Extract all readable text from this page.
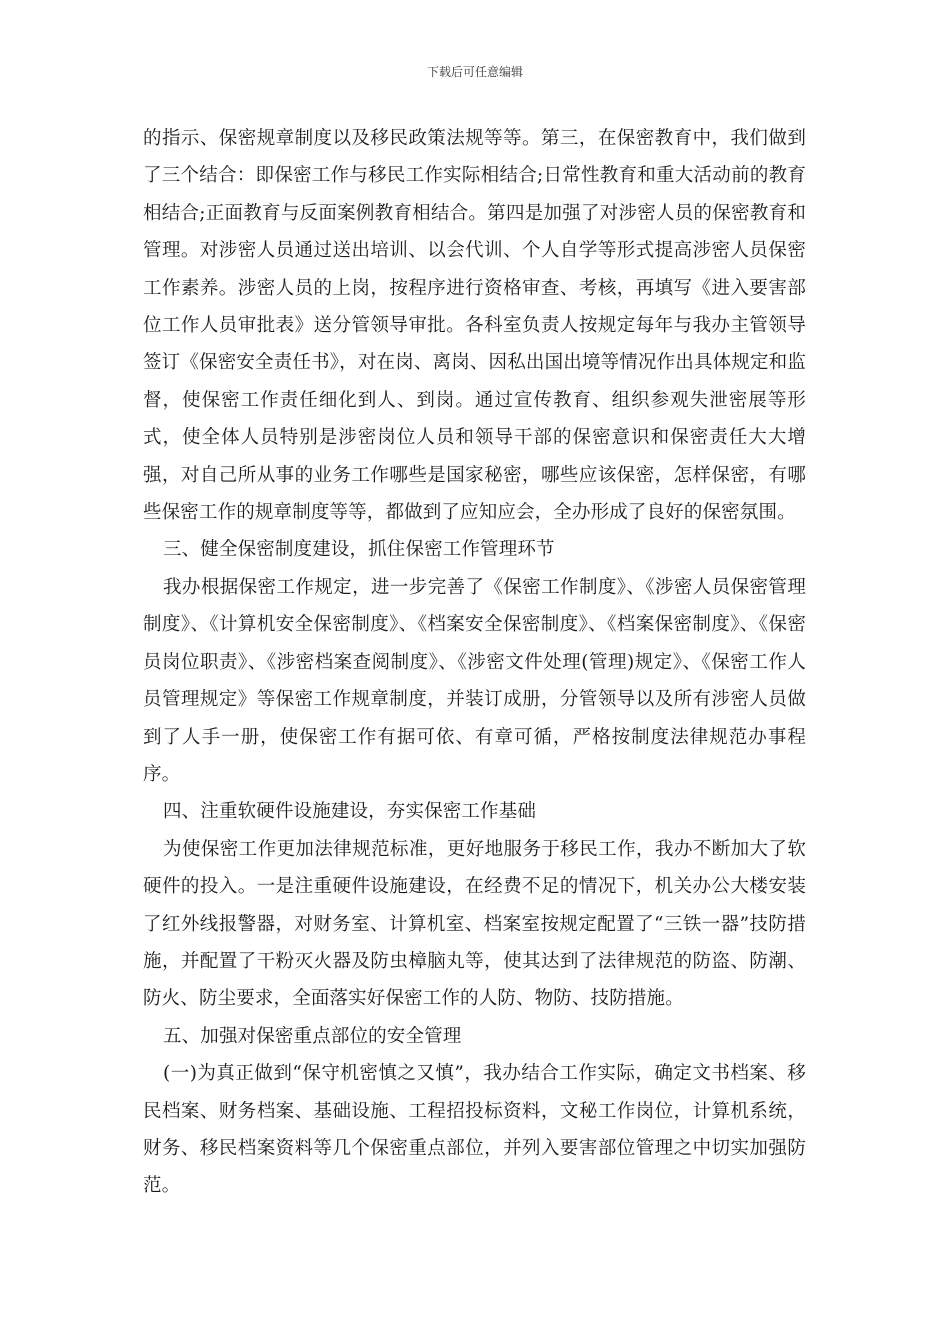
下载后可任意编辑

的指示、保密规章制度以及移民政策法规等等。第三，在保密教育中，我们做到了三个结合：即保密工作与移民工作实际相结合;日常性教育和重大活动前的教育相结合;正面教育与反面案例教育相结合。第四是加强了对涉密人员的保密教育和管理。对涉密人员通过送出培训、以会代训、个人自学等形式提高涉密人员保密工作素养。涉密人员的上岗，按程序进行资格审查、考核，再填写《进入要害部位工作人员审批表》送分管领导审批。各科室负责人按规定每年与我办主管领导签订《保密安全责任书》，对在岗、离岗、因私出国出境等情况作出具体规定和监督，使保密工作责任细化到人、到岗。通过宣传教育、组织参观失泄密展等形式，使全体人员特别是涉密岗位人员和领导干部的保密意识和保密责任大大增强，对自己所从事的业务工作哪些是国家秘密，哪些应该保密，怎样保密，有哪些保密工作的规章制度等等，都做到了应知应会，全办形成了良好的保密氛围。

三、健全保密制度建设，抓住保密工作管理环节

我办根据保密工作规定，进一步完善了《保密工作制度》、《涉密人员保密管理制度》、《计算机安全保密制度》、《档案安全保密制度》、《档案保密制度》、《保密员岗位职责》、《涉密档案查阅制度》、《涉密文件处理(管理)规定》、《保密工作人员管理规定》等保密工作规章制度，并装订成册，分管领导以及所有涉密人员做到了人手一册，使保密工作有据可依、有章可循，严格按制度法律规范办事程序。

四、注重软硬件设施建设，夯实保密工作基础

为使保密工作更加法律规范标准，更好地服务于移民工作，我办不断加大了软硬件的投入。一是注重硬件设施建设，在经费不足的情况下，机关办公大楼安装了红外线报警器，对财务室、计算机室、档案室按规定配置了“三铁一器”技防措施，并配置了干粉灭火器及防虫樟脑丸等，使其达到了法律规范的防盗、防潮、防火、防尘要求，全面落实好保密工作的人防、物防、技防措施。

五、加强对保密重点部位的安全管理

(一)为真正做到“保守机密慎之又慎”，我办结合工作实际，确定文书档案、移民档案、财务档案、基础设施、工程招投标资料，文秘工作岗位，计算机系统，财务、移民档案资料等几个保密重点部位，并列入要害部位管理之中切实加强防范。
